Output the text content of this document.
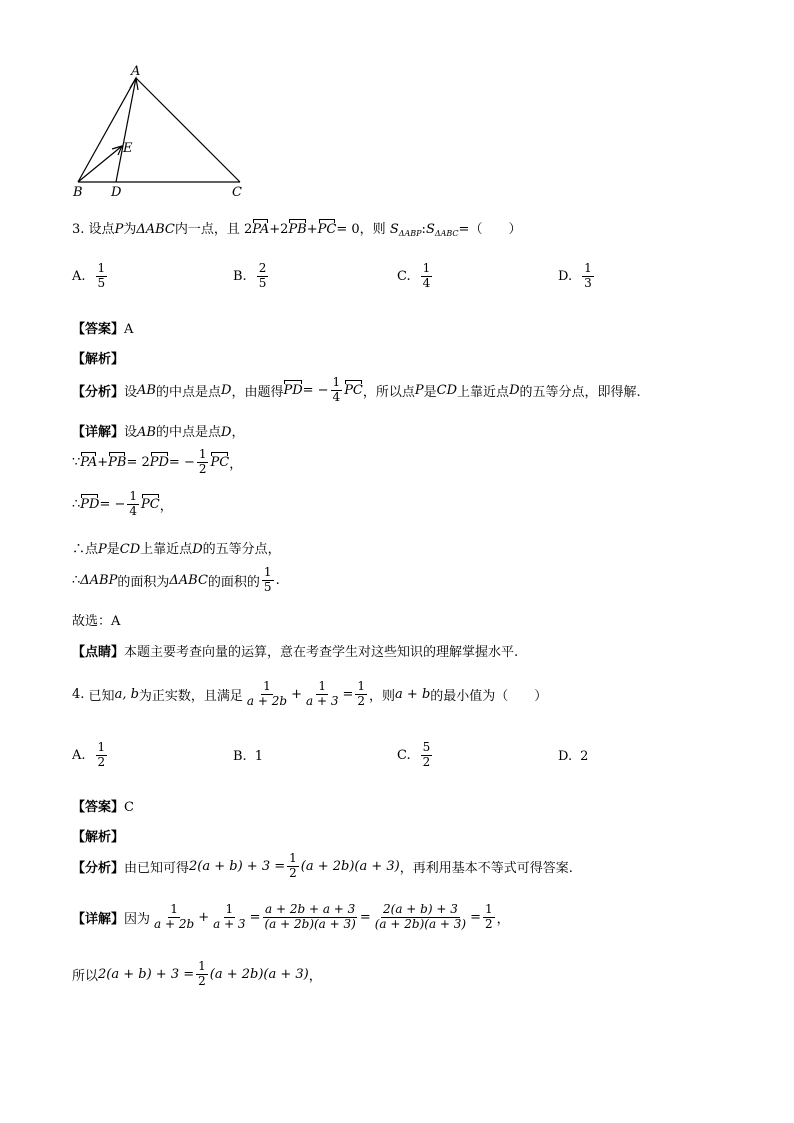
A
E
B D	C
3. 设点P为ΔABC内一点，且 2PA+2PB+PC= 0，则 $S_{\Delta ABP}:S_{\Delta ABC}=$（　　）
A. $\frac{1}{5}$	B. $\frac{2}{5}$	C. $\frac{1}{4}$	D. $\frac{1}{3}$
【答案】A
【解析】
【分析】 设 AB 的中点是点 D ，由题得 PD = − $\frac{1}{4}$ PC ，所以点 P 是 CD 上靠近点 D 的五等分点，即得解.
【详解】设AB的中点是点D，
∵ PA + PB = 2 PD = − $\frac{1}{2}$ PC ，
∴ PD = − $\frac{1}{4}$ PC ，
∴点P是CD上靠近点D的五等分点，
∴ ΔABP 的面积为 ΔABC 的面积的 $\frac{1}{5}$ .
故选：A
【点睛】本题主要考查向量的运算，意在考查学生对这些知识的理解掌握水平.
4.
已知 a, b 为正实数，且满足 $\frac{1}{a + 2b} + \frac{1}{a + 3} = \frac{1}{2}$ ，则 a + b 的最小值为（　　）
A. $\frac{1}{2}$	B. 1	C. $\frac{5}{2}$	D. 2
【答案】C
【解析】
【分析】 由已知可得 $2(a + b) + 3 = \frac{1}{2} (a + 2b)(a + 3)$ ，再利用基本不等式可得答案.
【详解】 因为 $\frac{1}{a + 2b} + \frac{1}{a + 3} = \frac{a + 2b + a + 3}{(a + 2b)(a + 3)} = \frac{2(a + b) + 3}{(a + 2b)(a + 3)} = \frac{1}{2}$ ，
所以 $2(a + b) + 3 = \frac{1}{2} (a + 2b)(a + 3)$ ，
